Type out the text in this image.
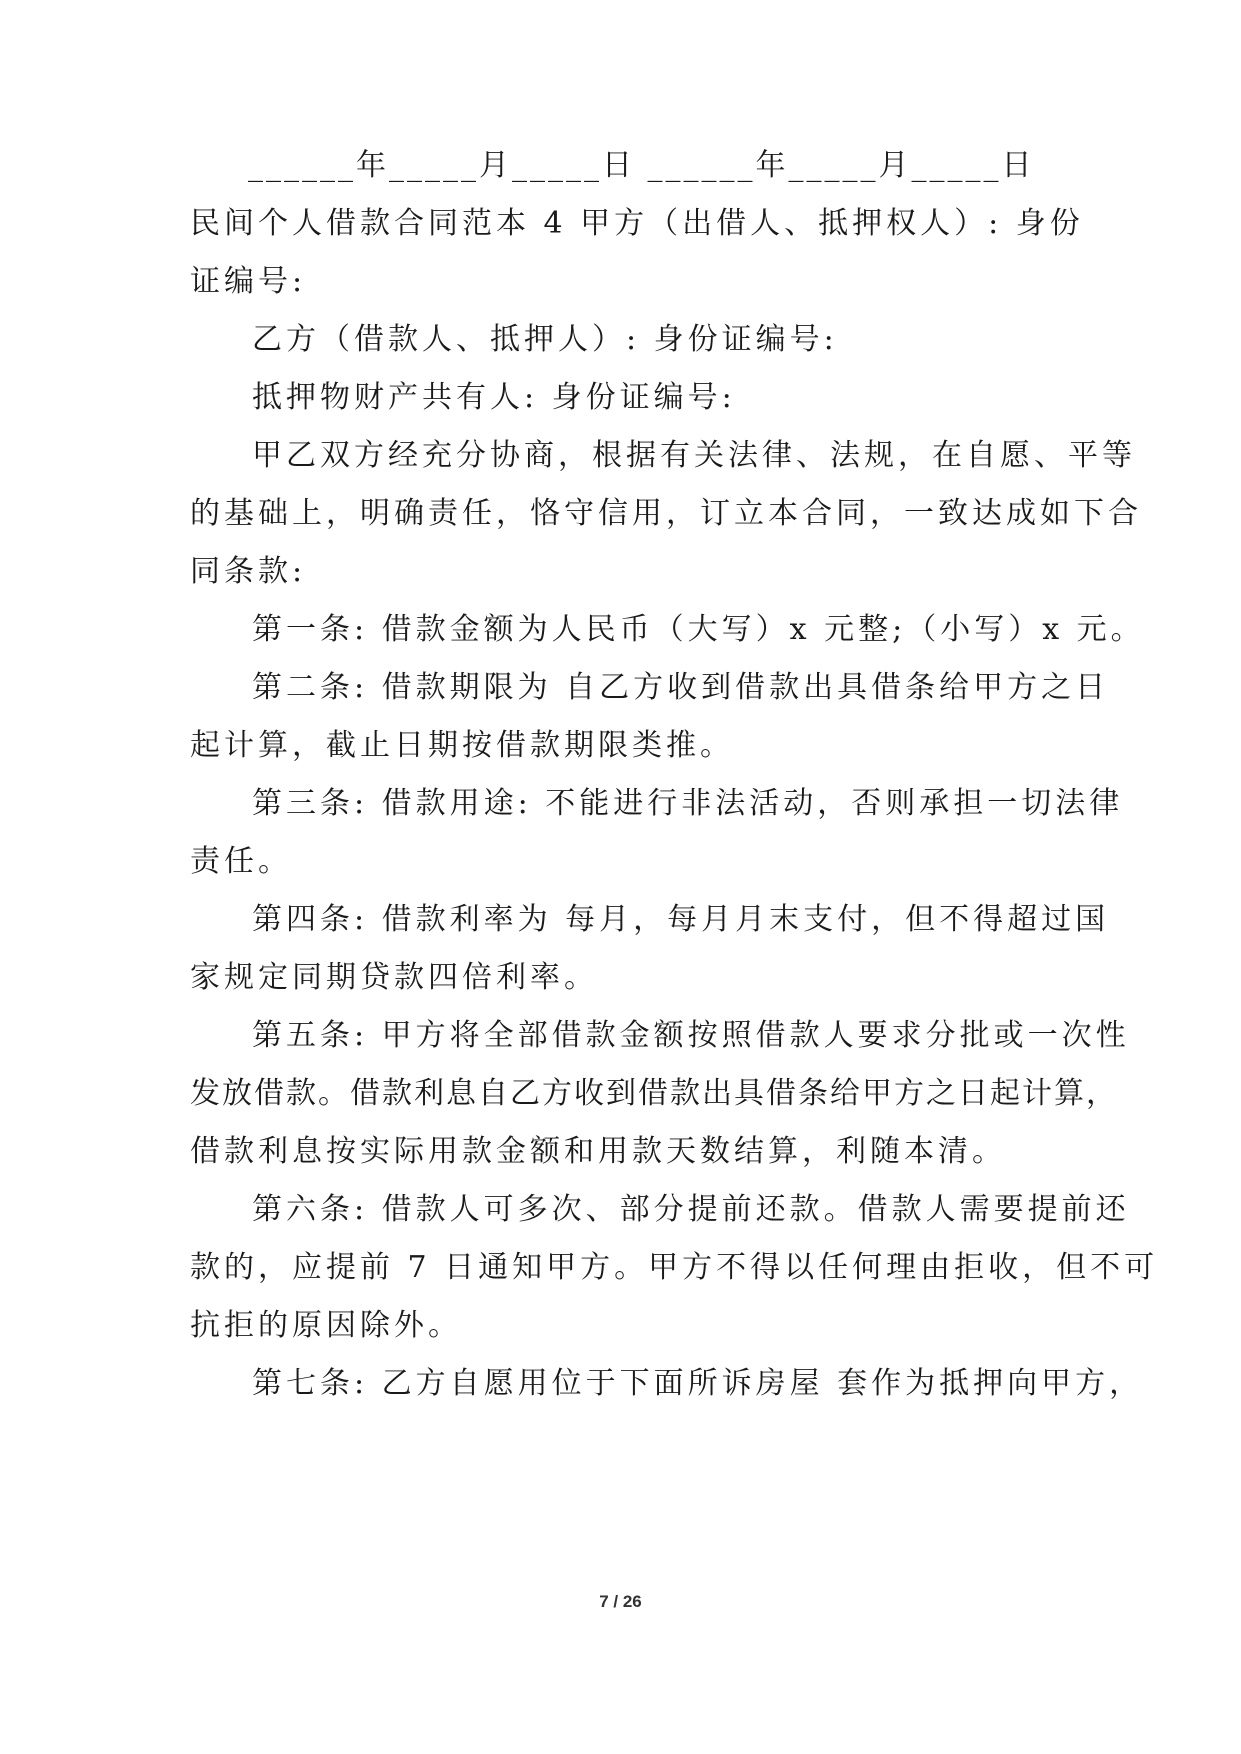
______年_____月_____日 ______年_____月_____日
民间个人借款合同范本 4 甲方（出借人、抵押权人）: 身份
证编号:
乙方（借款人、抵押人）: 身份证编号:
抵押物财产共有人: 身份证编号:
甲乙双方经充分协商，根据有关法律、法规，在自愿、平等
的基础上，明确责任，恪守信用，订立本合同，一致达成如下合
同条款:
第一条: 借款金额为人民币（大写）x 元整;（小写）x 元。
第二条: 借款期限为 自乙方收到借款出具借条给甲方之日
起计算，截止日期按借款期限类推。
第三条: 借款用途: 不能进行非法活动，否则承担一切法律
责任。
第四条: 借款利率为 每月，每月月末支付，但不得超过国
家规定同期贷款四倍利率。
第五条: 甲方将全部借款金额按照借款人要求分批或一次性
发放借款。借款利息自乙方收到借款出具借条给甲方之日起计算，
借款利息按实际用款金额和用款天数结算，利随本清。
第六条: 借款人可多次、部分提前还款。借款人需要提前还
款的，应提前 7 日通知甲方。甲方不得以任何理由拒收，但不可
抗拒的原因除外。
第七条: 乙方自愿用位于下面所诉房屋 套作为抵押向甲方，
7 / 26
